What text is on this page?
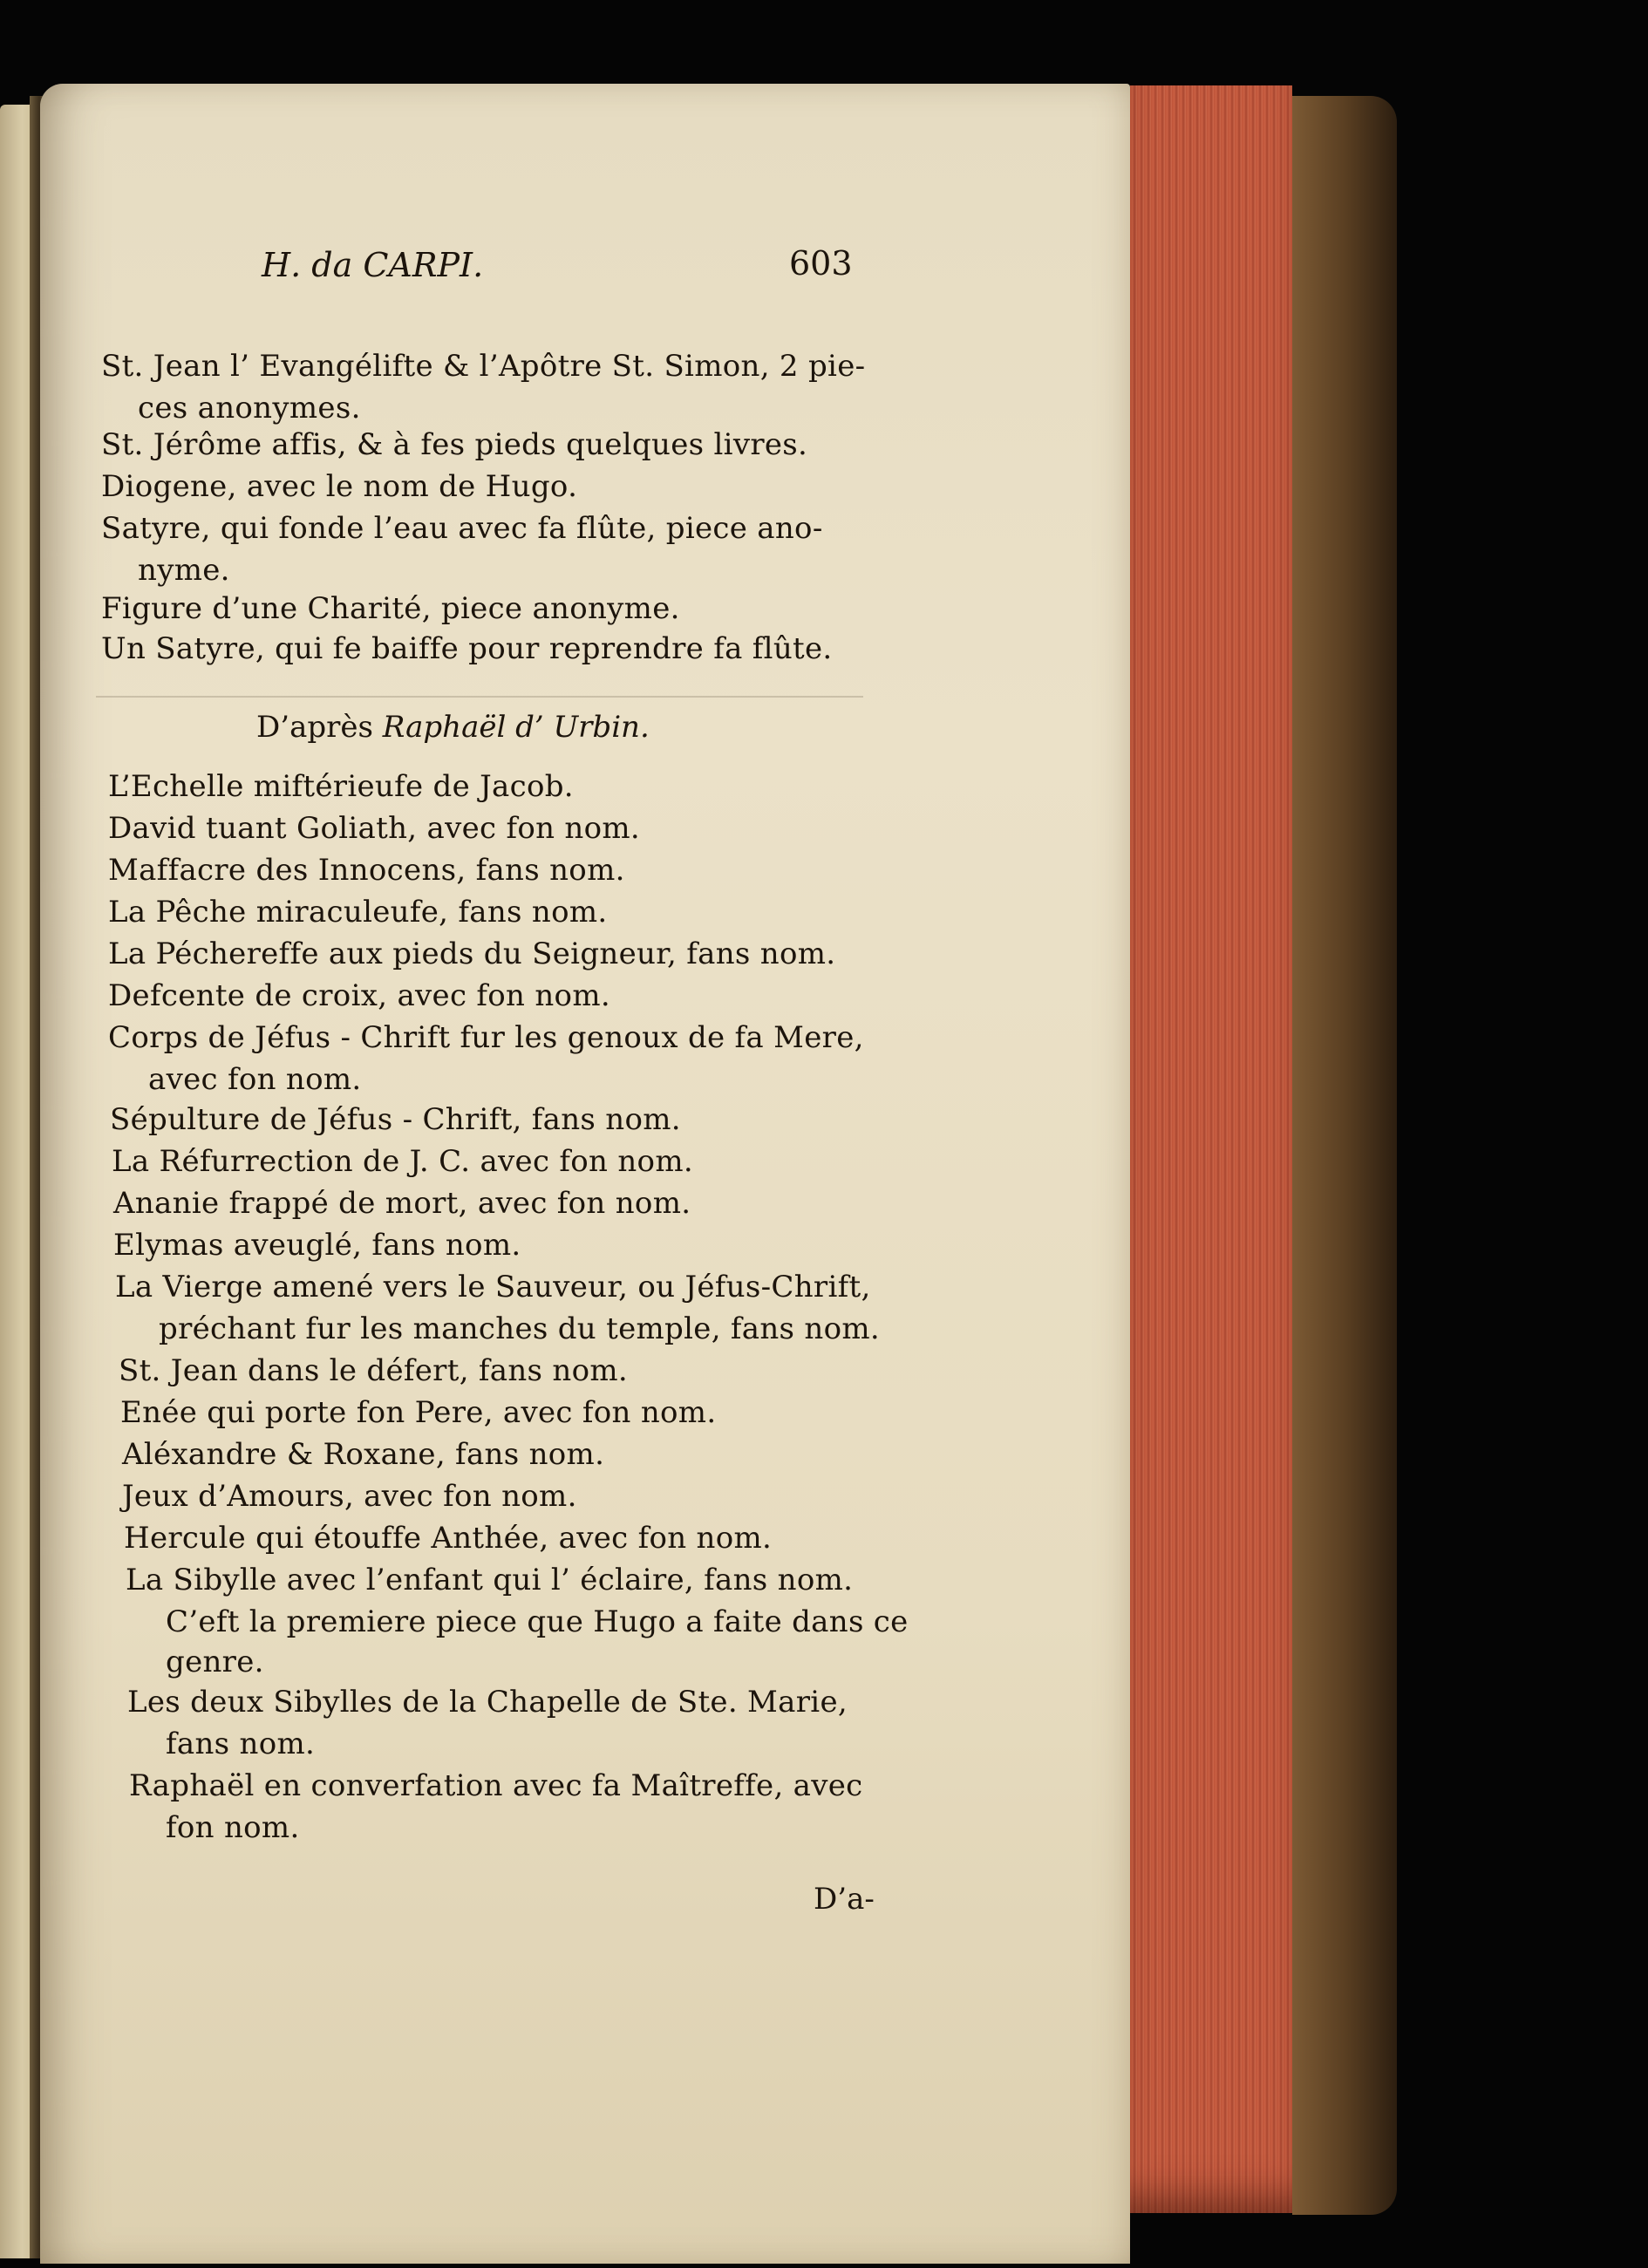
H. da CARPI.	603
St. Jean l’ Evangélifte & l’Apôtre St. Simon, 2 pie-
ces anonymes.
St. Jérôme affis, & à fes pieds quelques livres.
Diogene, avec le nom de Hugo.
Satyre, qui fonde l’eau avec fa flûte, piece ano-
nyme.
Figure d’une Charité, piece anonyme.
Un Satyre, qui fe baiffe pour reprendre fa flûte.
D’après Raphaël d’ Urbin.
L’Echelle miftérieufe de Jacob.
David tuant Goliath, avec fon nom.
Maffacre des Innocens, fans nom.
La Pêche miraculeufe, fans nom.
La Péchereffe aux pieds du Seigneur, fans nom.
Defcente de croix, avec fon nom.
Corps de Jéfus - Chrift fur les genoux de fa Mere,
avec fon nom.
Sépulture de Jéfus - Chrift, fans nom.
La Réfurrection de J. C. avec fon nom.
Ananie frappé de mort, avec fon nom.
Elymas aveuglé, fans nom.
La Vierge amené vers le Sauveur, ou Jéfus-Chrift,
préchant fur les manches du temple, fans nom.
St. Jean dans le défert, fans nom.
Enée qui porte fon Pere, avec fon nom.
Aléxandre & Roxane, fans nom.
Jeux d’Amours, avec fon nom.
Hercule qui étouffe Anthée, avec fon nom.
La Sibylle avec l’enfant qui l’ éclaire, fans nom.
C’eft la premiere piece que Hugo a faite dans ce
genre.
Les deux Sibylles de la Chapelle de Ste. Marie,
fans nom.
Raphaël en converfation avec fa Maîtreffe, avec
fon nom.
D’a-
